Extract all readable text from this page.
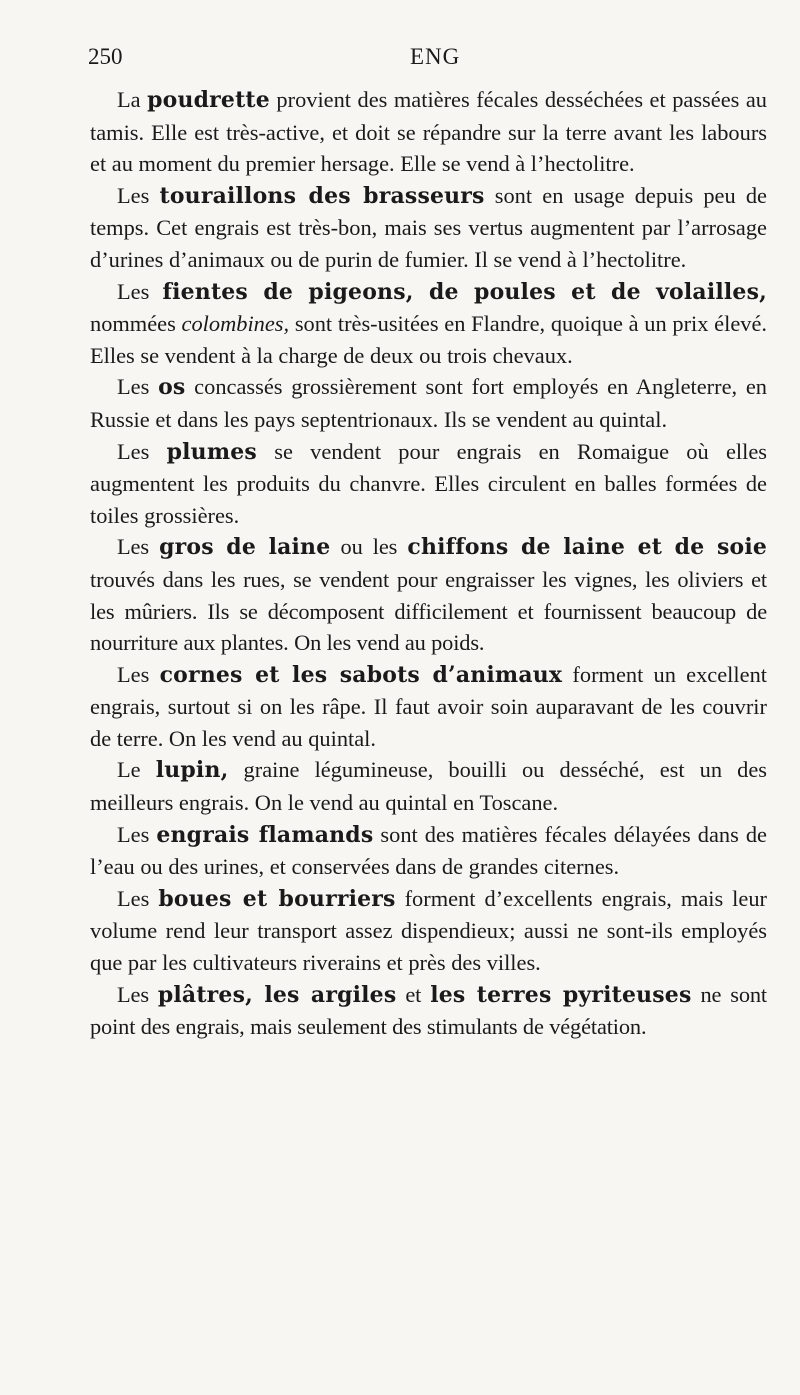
250	ENG

La poudrette provient des matières fécales desséchées et passées au tamis. Elle est très-active, et doit se répandre sur la terre avant les labours et au moment du premier hersage. Elle se vend à l’hectolitre.

Les touraillons des brasseurs sont en usage depuis peu de temps. Cet engrais est très-bon, mais ses vertus augmentent par l’arrosage d’urines d’animaux ou de purin de fumier. Il se vend à l’hectolitre.

Les fientes de pigeons, de poules et de volailles, nommées colombines, sont très-usitées en Flandre, quoique à un prix élevé. Elles se vendent à la charge de deux ou trois chevaux.

Les os concassés grossièrement sont fort employés en Angleterre, en Russie et dans les pays septentrionaux. Ils se vendent au quintal.

Les plumes se vendent pour engrais en Romaigue où elles augmentent les produits du chanvre. Elles circulent en balles formées de toiles grossières.

Les gros de laine ou les chiffons de laine et de soie trouvés dans les rues, se vendent pour engraisser les vignes, les oliviers et les mûriers. Ils se décomposent difficilement et fournissent beaucoup de nourriture aux plantes. On les vend au poids.

Les cornes et les sabots d’animaux forment un excellent engrais, surtout si on les râpe. Il faut avoir soin auparavant de les couvrir de terre. On les vend au quintal.

Le lupin, graine légumineuse, bouilli ou desséché, est un des meilleurs engrais. On le vend au quintal en Toscane.

Les engrais flamands sont des matières fécales délayées dans de l’eau ou des urines, et conservées dans de grandes citernes.

Les boues et bourriers forment d’excellents engrais, mais leur volume rend leur transport assez dispendieux; aussi ne sont-ils employés que par les cultivateurs riverains et près des villes.

Les plâtres, les argiles et les terres pyriteuses ne sont point des engrais, mais seulement des stimulants de végétation.
